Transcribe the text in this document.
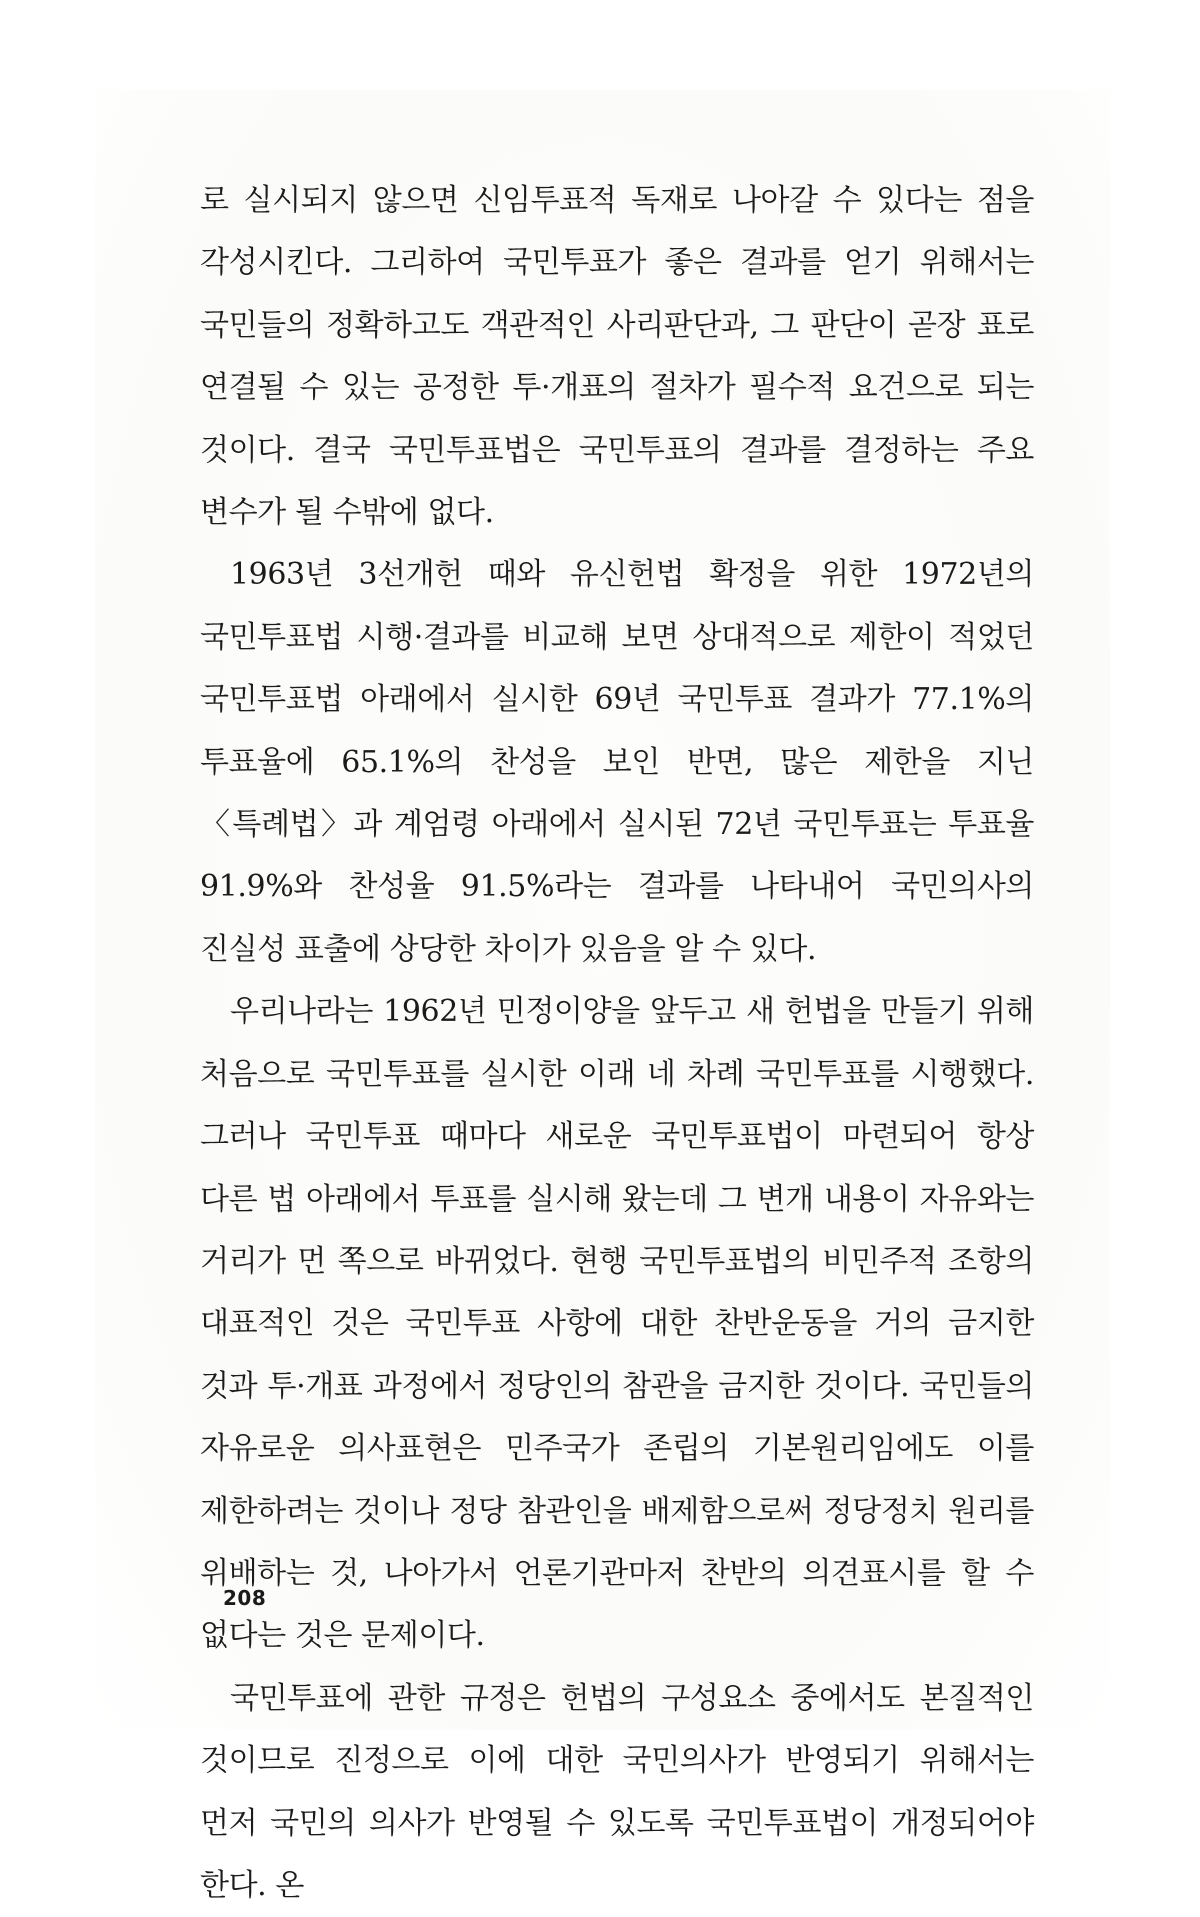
로 실시되지 않으면 신임투표적 독재로 나아갈 수 있다는 점을 각성시킨다. 그리하여 국민투표가 좋은 결과를 얻기 위해서는 국민들의 정확하고도 객관적인 사리판단과, 그 판단이 곧장 표로 연결될 수 있는 공정한 투·개표의 절차가 필수적 요건으로 되는 것이다. 결국 국민투표법은 국민투표의 결과를 결정하는 주요 변수가 될 수밖에 없다.

1963년 3선개헌 때와 유신헌법 확정을 위한 1972년의 국민투표법 시행·결과를 비교해 보면 상대적으로 제한이 적었던 국민투표법 아래에서 실시한 69년 국민투표 결과가 77.1%의 투표율에 65.1%의 찬성을 보인 반면, 많은 제한을 지닌 〈특례법〉과 계엄령 아래에서 실시된 72년 국민투표는 투표율 91.9%와 찬성율 91.5%라는 결과를 나타내어 국민의사의 진실성 표출에 상당한 차이가 있음을 알 수 있다.

우리나라는 1962년 민정이양을 앞두고 새 헌법을 만들기 위해 처음으로 국민투표를 실시한 이래 네 차례 국민투표를 시행했다. 그러나 국민투표 때마다 새로운 국민투표법이 마련되어 항상 다른 법 아래에서 투표를 실시해 왔는데 그 변개 내용이 자유와는 거리가 먼 쪽으로 바뀌었다. 현행 국민투표법의 비민주적 조항의 대표적인 것은 국민투표 사항에 대한 찬반운동을 거의 금지한 것과 투·개표 과정에서 정당인의 참관을 금지한 것이다. 국민들의 자유로운 의사표현은 민주국가 존립의 기본원리임에도 이를 제한하려는 것이나 정당 참관인을 배제함으로써 정당정치 원리를 위배하는 것, 나아가서 언론기관마저 찬반의 의견표시를 할 수 없다는 것은 문제이다.

국민투표에 관한 규정은 헌법의 구성요소 중에서도 본질적인 것이므로 진정으로 이에 대한 국민의사가 반영되기 위해서는 먼저 국민의 의사가 반영될 수 있도록 국민투표법이 개정되어야 한다. 온

208
